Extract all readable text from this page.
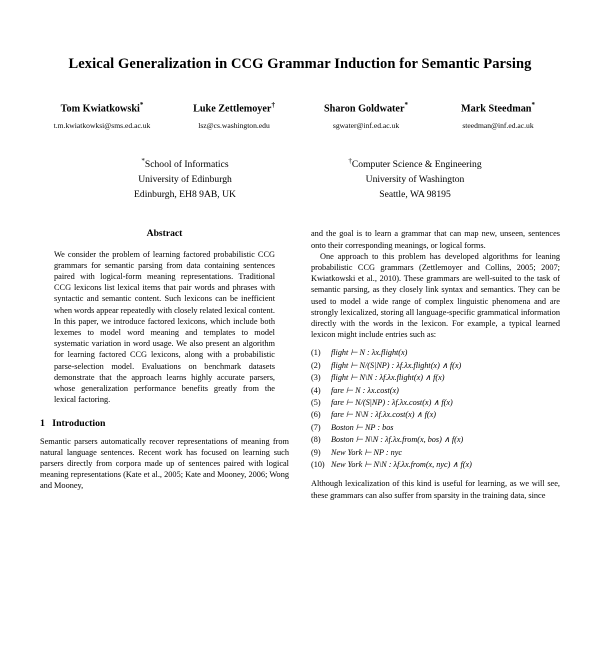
Lexical Generalization in CCG Grammar Induction for Semantic Parsing
Tom Kwiatkowski*
t.m.kwiatkowksi@sms.ed.ac.uk
Luke Zettlemoyer†
lsz@cs.washington.edu
Sharon Goldwater*
sgwater@inf.ed.ac.uk
Mark Steedman*
steedman@inf.ed.ac.uk
*School of Informatics
University of Edinburgh
Edinburgh, EH8 9AB, UK
†Computer Science & Engineering
University of Washington
Seattle, WA 98195
Abstract

We consider the problem of learning factored probabilistic CCG grammars for semantic parsing from data containing sentences paired with logical-form meaning representations. Traditional CCG lexicons list lexical items that pair words and phrases with syntactic and semantic content. Such lexicons can be inefficient when words appear repeatedly with closely related lexical content. In this paper, we introduce factored lexicons, which include both lexemes to model word meaning and templates to model systematic variation in word usage. We also present an algorithm for learning factored CCG lexicons, along with a probabilistic parse-selection model. Evaluations on benchmark datasets demonstrate that the approach learns highly accurate parsers, whose generalization performance benefits greatly from the lexical factoring.

1 Introduction

Semantic parsers automatically recover representations of meaning from natural language sentences. Recent work has focused on learning such parsers directly from corpora made up of sentences paired with logical meaning representations (Kate et al., 2005; Kate and Mooney, 2006; Wong and Mooney,

and the goal is to learn a grammar that can map new, unseen, sentences onto their corresponding meanings, or logical forms.

One approach to this problem has developed algorithms for leaning probabilistic CCG grammars (Zettlemoyer and Collins, 2005; 2007; Kwiatkowski et al., 2010). These grammars are well-suited to the task of semantic parsing, as they closely link syntax and semantics. They can be used to model a wide range of complex linguistic phenomena and are strongly lexicalized, storing all language-specific grammatical information directly with the words in the lexicon. For example, a typical learned lexicon might include entries such as:

(1)	flight ⊢ N : λx.flight(x)
(2)	flight ⊢ N/(S|NP) : λf.λx.flight(x) ∧ f(x)
(3)	flight ⊢ N\N : λf.λx.flight(x) ∧ f(x)
(4)	fare ⊢ N : λx.cost(x)
(5)	fare ⊢ N/(S|NP) : λf.λx.cost(x) ∧ f(x)
(6)	fare ⊢ N\N : λf.λx.cost(x) ∧ f(x)
(7)	Boston ⊢ NP : bos
(8)	Boston ⊢ N\N : λf.λx.from(x, bos) ∧ f(x)
(9)	New York ⊢ NP : nyc
(10) New York ⊢ N\N : λf.λx.from(x, nyc) ∧ f(x)

Although lexicalization of this kind is useful for learning, as we will see, these grammars can also suffer from sparsity in the training data, since
